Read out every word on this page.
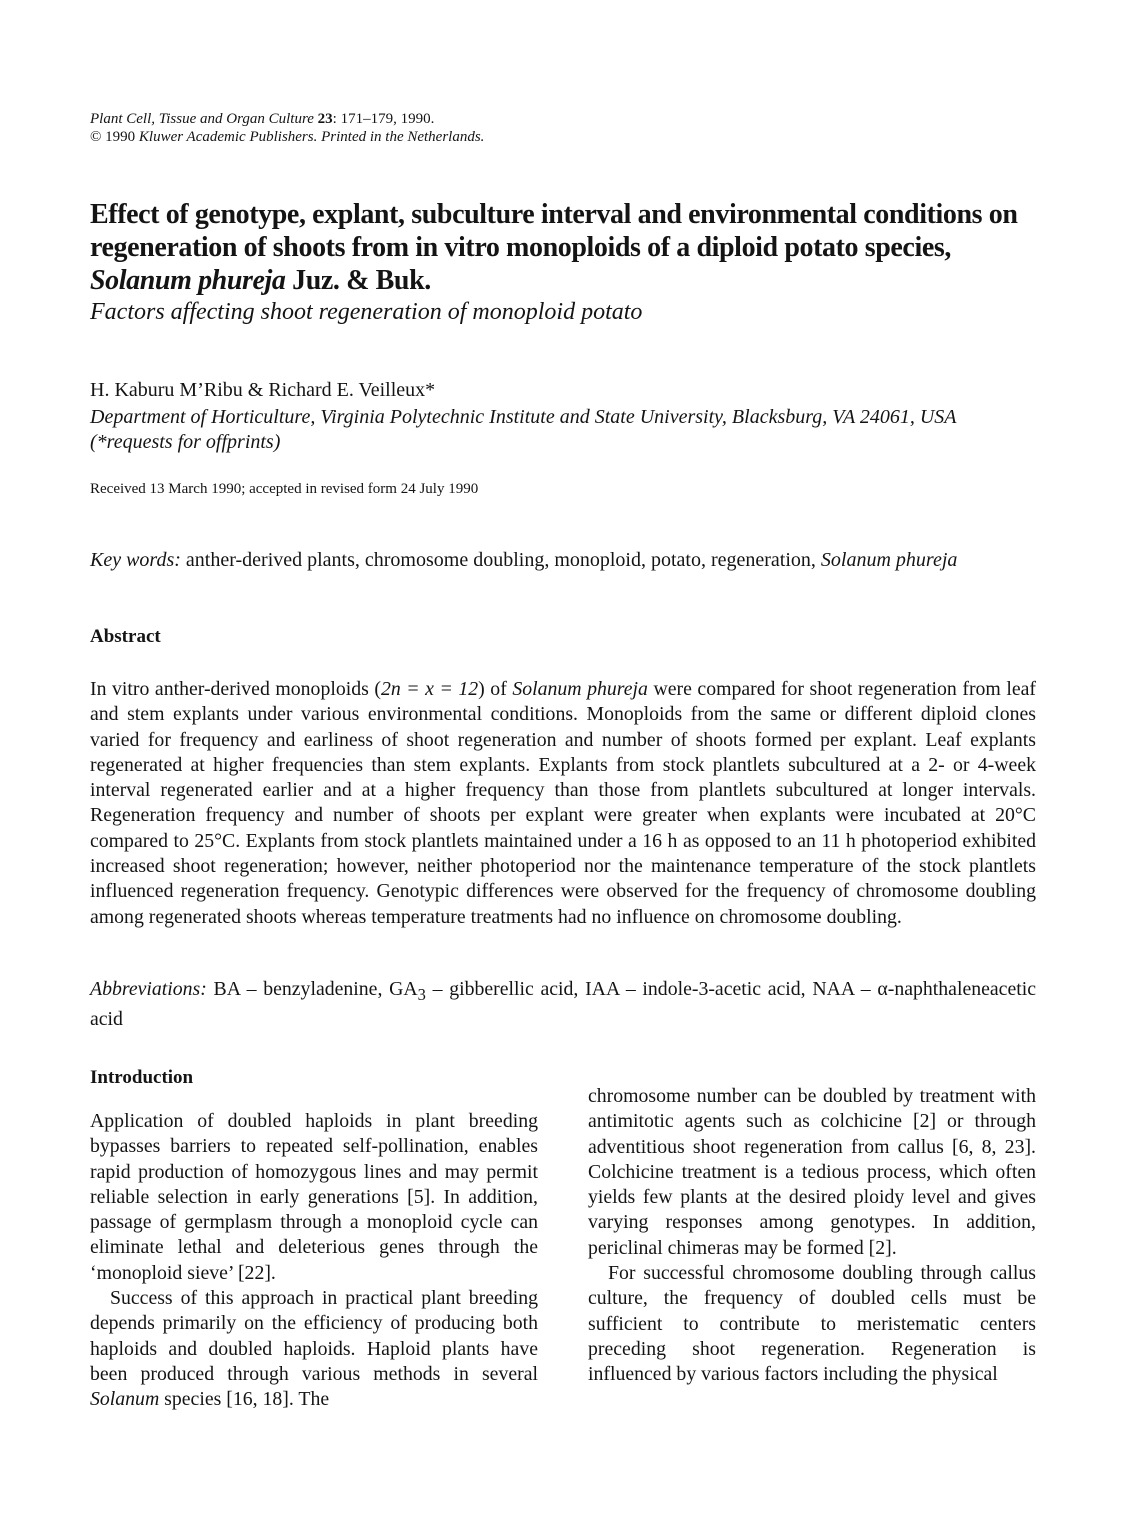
Plant Cell, Tissue and Organ Culture 23: 171–179, 1990.
© 1990 Kluwer Academic Publishers. Printed in the Netherlands.
Effect of genotype, explant, subculture interval and environmental conditions on regeneration of shoots from in vitro monoploids of a diploid potato species, Solanum phureja Juz. & Buk.
Factors affecting shoot regeneration of monoploid potato
H. Kaburu M’Ribu & Richard E. Veilleux*
Department of Horticulture, Virginia Polytechnic Institute and State University, Blacksburg, VA 24061, USA (*requests for offprints)
Received 13 March 1990; accepted in revised form 24 July 1990
Key words: anther-derived plants, chromosome doubling, monoploid, potato, regeneration, Solanum phureja
Abstract

In vitro anther-derived monoploids (2n = x = 12) of Solanum phureja were compared for shoot regeneration from leaf and stem explants under various environmental conditions. Monoploids from the same or different diploid clones varied for frequency and earliness of shoot regeneration and number of shoots formed per explant. Leaf explants regenerated at higher frequencies than stem explants. Explants from stock plantlets subcultured at a 2- or 4-week interval regenerated earlier and at a higher frequency than those from plantlets subcultured at longer intervals. Regeneration frequency and number of shoots per explant were greater when explants were incubated at 20°C compared to 25°C. Explants from stock plantlets maintained under a 16 h as opposed to an 11 h photoperiod exhibited increased shoot regeneration; however, neither photoperiod nor the maintenance temperature of the stock plantlets influenced regeneration frequency. Genotypic differences were observed for the frequency of chromosome doubling among regenerated shoots whereas temperature treatments had no influence on chromosome doubling.

Abbreviations: BA – benzyladenine, $GA_3$ – gibberellic acid, IAA – indole-3-acetic acid, NAA – α-naphthaleneacetic acid

Introduction

Application of doubled haploids in plant breeding bypasses barriers to repeated self-pollination, enables rapid production of homozygous lines and may permit reliable selection in early generations [5]. In addition, passage of germplasm through a monoploid cycle can eliminate lethal and deleterious genes through the ‘monoploid sieve’ [22].

Success of this approach in practical plant breeding depends primarily on the efficiency of producing both haploids and doubled haploids. Haploid plants have been produced through various methods in several Solanum species [16, 18]. The

chromosome number can be doubled by treatment with antimitotic agents such as colchicine [2] or through adventitious shoot regeneration from callus [6, 8, 23]. Colchicine treatment is a tedious process, which often yields few plants at the desired ploidy level and gives varying responses among genotypes. In addition, periclinal chimeras may be formed [2].

For successful chromosome doubling through callus culture, the frequency of doubled cells must be sufficient to contribute to meristematic centers preceding shoot regeneration. Regeneration is influenced by various factors including the physical
